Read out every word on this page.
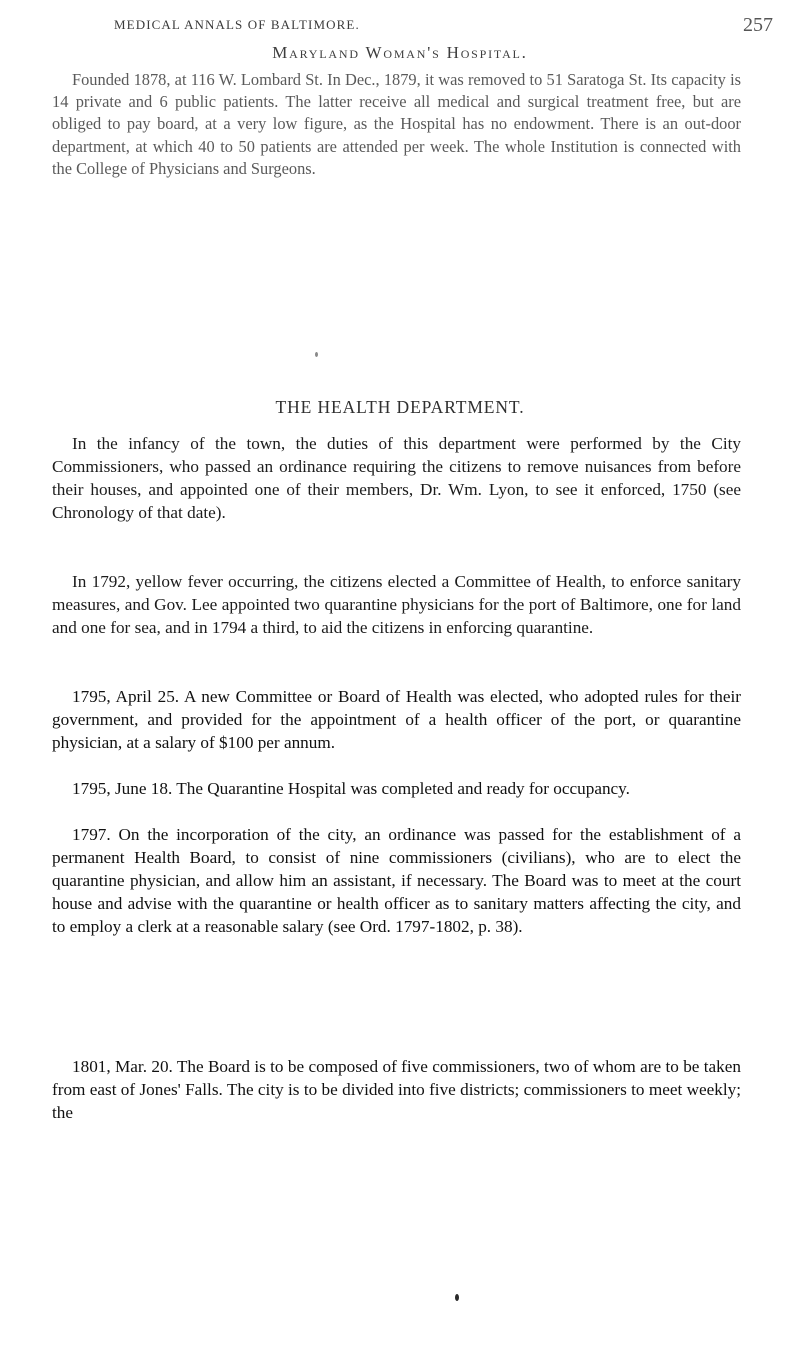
MEDICAL ANNALS OF BALTIMORE.	257
Maryland Woman's Hospital.

Founded 1878, at 116 W. Lombard St. In Dec., 1879, it was removed to 51 Saratoga St. Its capacity is 14 private and 6 public patients. The latter receive all medical and surgical treatment free, but are obliged to pay board, at a very low figure, as the Hospital has no endowment. There is an out-door department, at which 40 to 50 patients are attended per week. The whole Institution is connected with the College of Physicians and Surgeons.

THE HEALTH DEPARTMENT.

In the infancy of the town, the duties of this department were performed by the City Commissioners, who passed an ordinance requiring the citizens to remove nuisances from before their houses, and appointed one of their members, Dr. Wm. Lyon, to see it enforced, 1750 (see Chronology of that date).

In 1792, yellow fever occurring, the citizens elected a Committee of Health, to enforce sanitary measures, and Gov. Lee appointed two quarantine physicians for the port of Baltimore, one for land and one for sea, and in 1794 a third, to aid the citizens in enforcing quarantine.

1795, April 25. A new Committee or Board of Health was elected, who adopted rules for their government, and provided for the appointment of a health officer of the port, or quarantine physician, at a salary of $100 per annum.

1795, June 18. The Quarantine Hospital was completed and ready for occupancy.

1797. On the incorporation of the city, an ordinance was passed for the establishment of a permanent Health Board, to consist of nine commissioners (civilians), who are to elect the quarantine physician, and allow him an assistant, if necessary. The Board was to meet at the court house and advise with the quarantine or health officer as to sanitary matters affecting the city, and to employ a clerk at a reasonable salary (see Ord. 1797-1802, p. 38).

1801, Mar. 20. The Board is to be composed of five commissioners, two of whom are to be taken from east of Jones' Falls. The city is to be divided into five districts; commissioners to meet weekly; the
